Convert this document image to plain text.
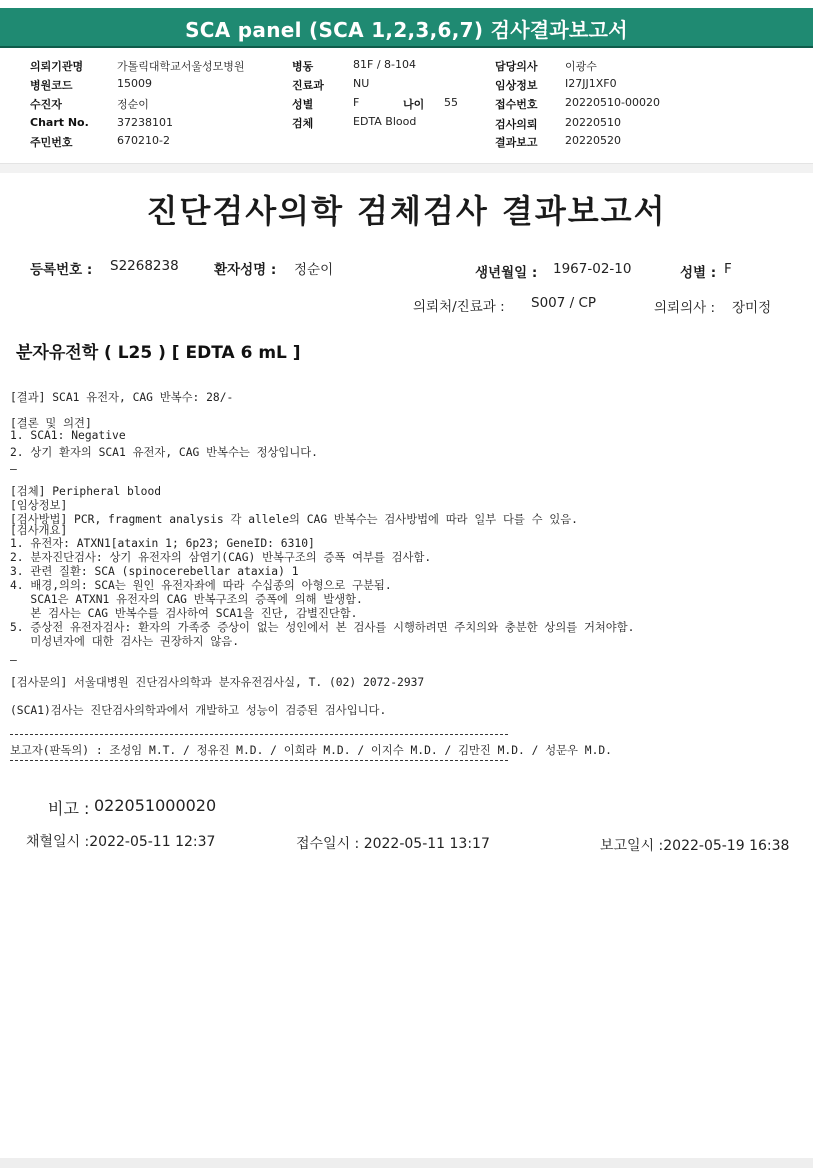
SCA panel (SCA 1,2,3,6,7) 검사결과보고서
의뢰기관명	가톨릭대학교서울성모병원
병원코드	15009
수진자	정순이
Chart No.	37238101
주민번호	670210-2
병동	81F / 8-104
진료과	NU
성별	F	나이 55
검체	EDTA Blood
담당의사 이광수
임상정보 I27JJ1XF0
접수번호 20220510-00020
검사의뢰 20220510
결과보고 20220520
진단검사의학 검체검사 결과보고서
등록번호 : S2268238	환자성명 : 정순이	생년월일 : 1967-02-10	성별 : F
의뢰처/진료과 : S007 / CP	의뢰의사 : 장미정
분자유전학 ( L25 ) [ EDTA 6 mL ]
[결과] SCA1 유전자, CAG 반복수: 28/-
[결론 및 의견]
1. SCA1: Negative
2. 상기 환자의 SCA1 유전자, CAG 반복수는 정상입니다.
—
[검체] Peripheral blood
[임상정보]
[검사방법] PCR, fragment analysis 각 allele의 CAG 반복수는 검사방법에 따라 일부 다를 수 있음.
[검사개요]
1. 유전자: ATXN1[ataxin 1; 6p23; GeneID: 6310]
2. 분자진단검사: 상기 유전자의 삼염기(CAG) 반복구조의 증폭 여부를 검사함.
3. 관련 질환: SCA (spinocerebellar ataxia) 1
4. 배경,의의: SCA는 원인 유전자좌에 따라 수십종의 아형으로 구분됨.
SCA1은 ATXN1 유전자의 CAG 반복구조의 증폭에 의해 발생함.
본 검사는 CAG 반복수를 검사하여 SCA1을 진단, 감별진단함.
5. 증상전 유전자검사: 환자의 가족중 증상이 없는 성인에서 본 검사를 시행하려면 주치의와 충분한 상의를 거쳐야함.
미성년자에 대한 검사는 권장하지 않음.
—
[검사문의] 서울대병원 진단검사의학과 분자유전검사실, T. (02) 2072-2937
(SCA1)검사는 진단검사의학과에서 개발하고 성능이 검증된 검사입니다.
보고자(판독의) : 조성임 M.T. / 정유진 M.D. / 이희라 M.D. / 이지수 M.D. / 김만진 M.D. / 성문우 M.D.
비고 : 022051000020
채혈일시 :2022-05-11 12:37	접수일시 : 2022-05-11 13:17	보고일시 :2022-05-19 16:38
